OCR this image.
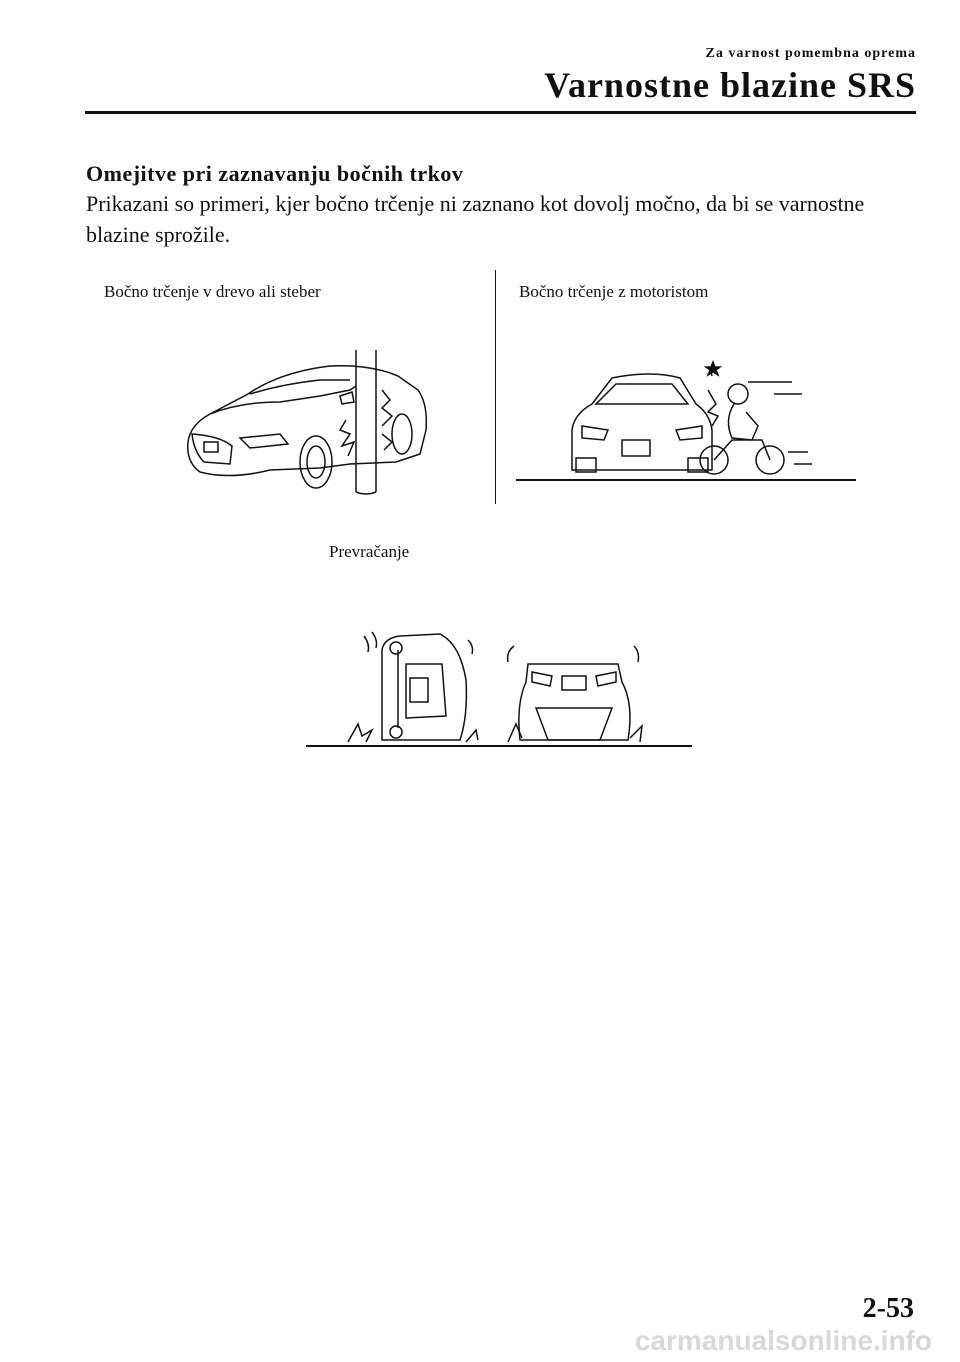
Za varnost pomembna oprema
Varnostne blazine SRS
Omejitve pri zaznavanju bočnih trkov
Prikazani so primeri, kjer bočno trčenje ni zaznano kot dovolj močno, da bi se varnostne blazine sprožile.
Bočno trčenje v drevo ali steber	Bočno trčenje z motoristom
Prevračanje
2-53
carmanualsonline.info
